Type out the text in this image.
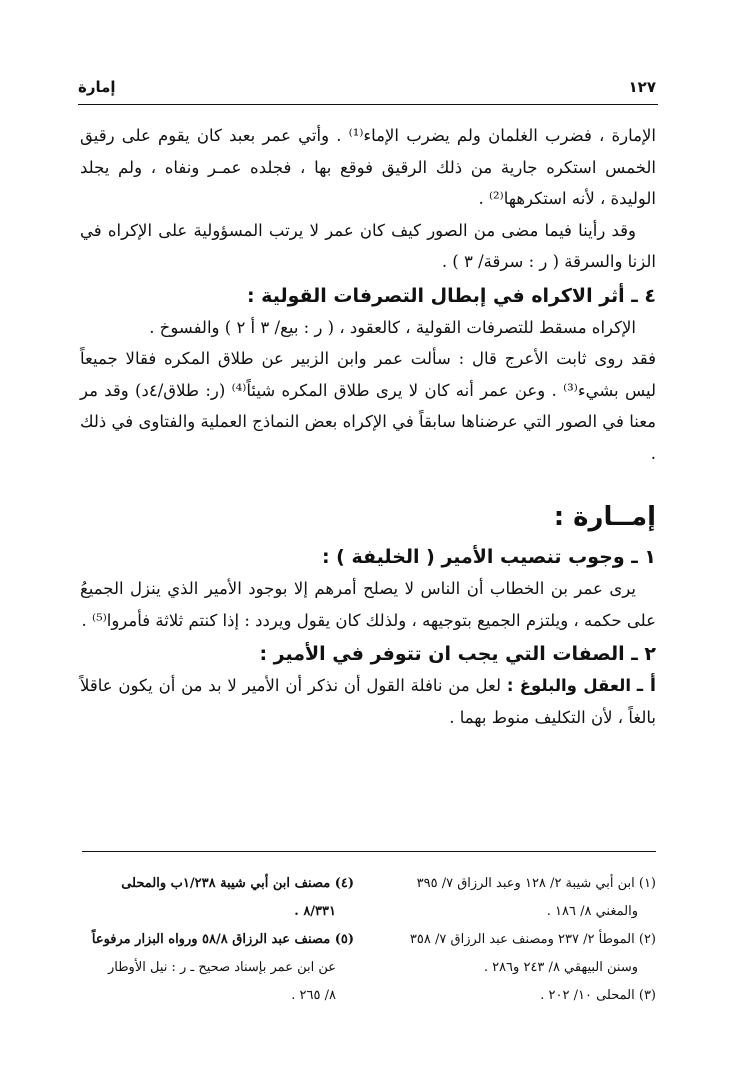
١٢٧
إمارة

الإمارة ، فضرب الغلمان ولم يضرب الإماء⁽¹⁾ . وأتي عمر بعبد كان يقوم على رقيق الخمس استكره جارية من ذلك الرقيق فوقع بها ، فجلده عمـر ونفاه ، ولم يجلد الوليدة ، لأنه استكرهها⁽²⁾ .

وقد رأينا فيما مضى من الصور كيف كان عمر لا يرتب المسؤولية على الإكراه في الزنا والسرقة ( ر : سرقة/ ٣ ) .

٤ ـ أثر الاكراه في إبطال التصرفات القولية :

الإكراه مسقط للتصرفات القولية ، كالعقود ، ( ر : بيع/ ٣ أ ٢ ) والفسوخ .

فقد روى ثابت الأعرج قال : سألت عمر وابن الزبير عن طلاق المكره فقالا جميعاً ليس بشيء⁽³⁾ . وعن عمر أنه كان لا يرى طلاق المكره شيئاً⁽⁴⁾ (ر: طلاق/٤د) وقد مر معنا في الصور التي عرضناها سابقاً في الإكراه بعض النماذج العملية والفتاوى في ذلك .

إمــارة :
١ ـ وجوب تنصيب الأمير ( الخليفة ) :

يرى عمر بن الخطاب أن الناس لا يصلح أمرهم إلا بوجود الأمير الذي ينزل الجميعُ على حكمه ، ويلتزم الجميع بتوجيهه ، ولذلك كان يقول ويردد : إذا كنتم ثلاثة فأمروا⁽⁵⁾ .

٢ ـ الصفات التي يجب ان تتوفر في الأمير :
أ ـ العقل والبلوغ : لعل من نافلة القول أن نذكر أن الأمير لا بد من أن يكون عاقلاً بالغاً ، لأن التكليف منوط بهما .

(١) ابن أبي شيبة ٢/ ١٢٨ وعبد الرزاق ٧/ ٣٩٥
والمغني ٨/ ١٨٦ .

(٢) الموطأ ٢/ ٢٣٧ ومصنف عبد الرزاق ٧/ ٣٥٨
وسنن البيهقي ٨/ ٢٤٣ و٢٨٦ .

(٣) المحلى ١٠/ ٢٠٢ .

(٤) مصنف ابن أبي شيبة ١/٢٣٨ب والمحلى
٨/٣٣١ .

(٥) مصنف عبد الرزاق ٥٨/٨ ورواه البزار مرفوعاً
عن ابن عمر بإسناد صحيح ـ ر : نيل الأوطار
٨/ ٢٦٥ .
